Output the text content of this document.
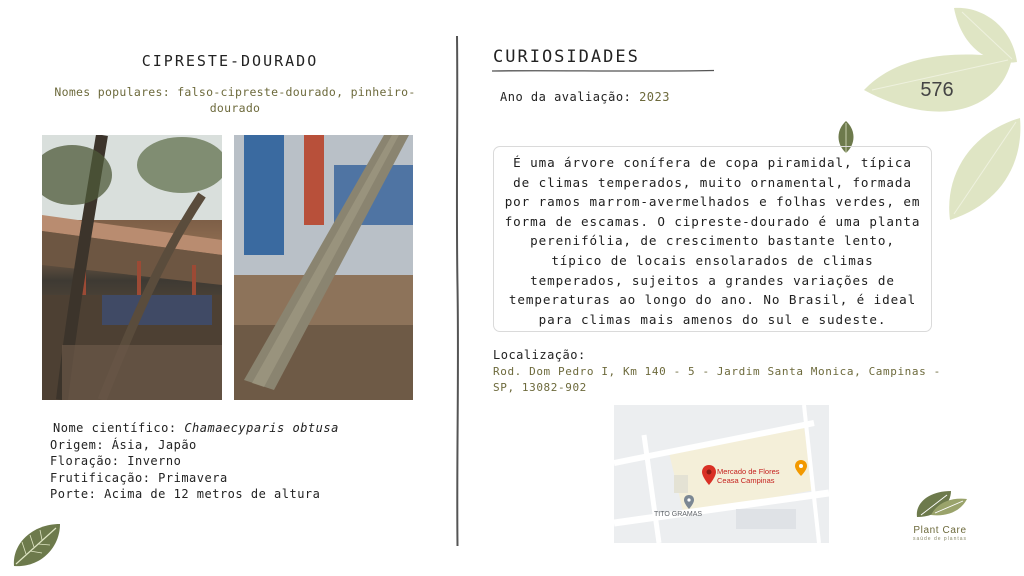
CIPRESTE-DOURADO
Nomes populares: falso-cipreste-dourado, pinheiro-dourado
Nome científico: Chamaecyparis obtusa
Origem: Ásia, Japão
Floração: Inverno
Frutificação: Primavera
Porte: Acima de 12 metros de altura
CURIOSIDADES
Ano da avaliação: 2023

É uma árvore conífera de copa piramidal, típica de climas temperados, muito ornamental, formada por ramos marrom-avermelhados e folhas verdes, em forma de escamas. O cipreste-dourado é uma planta perenifólia, de crescimento bastante lento, típico de locais ensolarados de climas temperados, sujeitos a grandes variações de temperaturas ao longo do ano. No Brasil, é ideal para climas mais amenos do sul e sudeste.

Localização:
Rod. Dom Pedro I, Km 140 - 5 - Jardim Santa Monica, Campinas - SP, 13082-902
Mercado de Flores
Ceasa Campinas
TITO GRAMAS
576
Plant Care
saúde de plantas
